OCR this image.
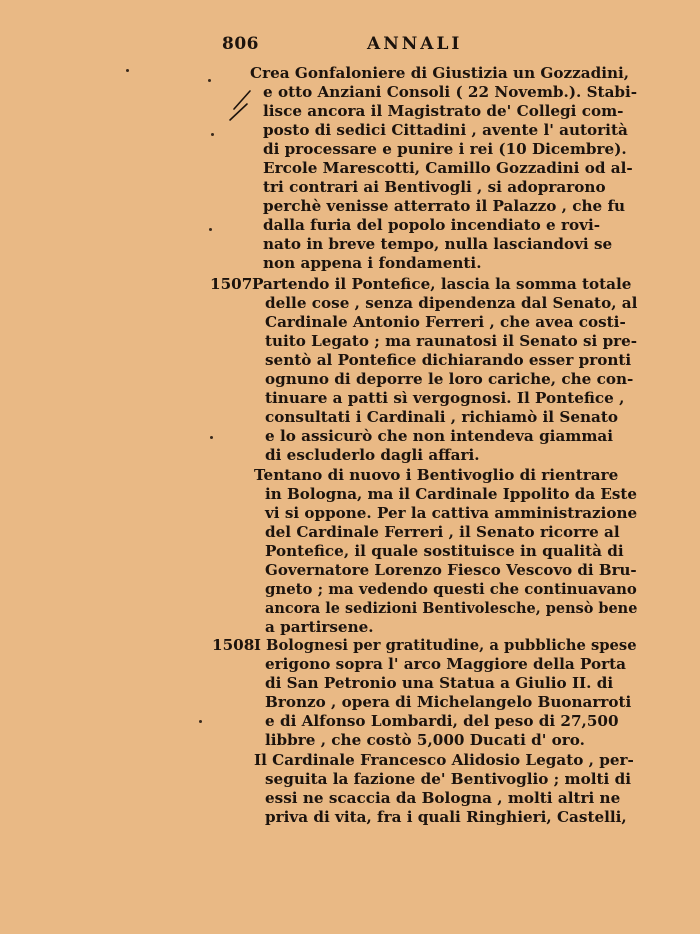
806	ANNALI
1507
1508
Crea Gonfaloniere di Giustizia un Gozzadini,
e otto Anziani Consoli ( 22 Novemb.). Stabi-
lisce ancora il Magistrato de' Collegi com-
posto di sedici Cittadini , avente l' autorità
di processare e punire i rei (10 Dicembre).
Ercole Marescotti, Camillo Gozzadini od al-
tri contrari ai Bentivogli , si adoprarono
perchè venisse atterrato il Palazzo , che fu
dalla furia del popolo incendiato e rovi-
nato in breve tempo, nulla lasciandovi se
non appena i fondamenti.
Partendo il Pontefice, lascia la somma totale
delle cose , senza dipendenza dal Senato, al
Cardinale Antonio Ferreri , che avea costi-
tuito Legato ; ma raunatosi il Senato si pre-
sentò al Pontefice dichiarando esser pronti
ognuno di deporre le loro cariche, che con-
tinuare a patti sì vergognosi. Il Pontefice ,
consultati i Cardinali , richiamò il Senato
e lo assicurò che non intendeva giammai
di escluderlo dagli affari.
Tentano di nuovo i Bentivoglio di rientrare
in Bologna, ma il Cardinale Ippolito da Este
vi si oppone. Per la cattiva amministrazione
del Cardinale Ferreri , il Senato ricorre al
Pontefice, il quale sostituisce in qualità di
Governatore Lorenzo Fiesco Vescovo di Bru-
gneto ; ma vedendo questi che continuavano
ancora le sedizioni Bentivolesche, pensò bene
a partirsene.
I Bolognesi per gratitudine, a pubbliche spese
erigono sopra l' arco Maggiore della Porta
di San Petronio una Statua a Giulio II. di
Bronzo , opera di Michelangelo Buonarroti
e di Alfonso Lombardi, del peso di 27,500
libbre , che costò 5,000 Ducati d' oro.
Il Cardinale Francesco Alidosio Legato , per-
seguita la fazione de' Bentivoglio ; molti di
essi ne scaccia da Bologna , molti altri ne
priva di vita, fra i quali Ringhieri, Castelli,
